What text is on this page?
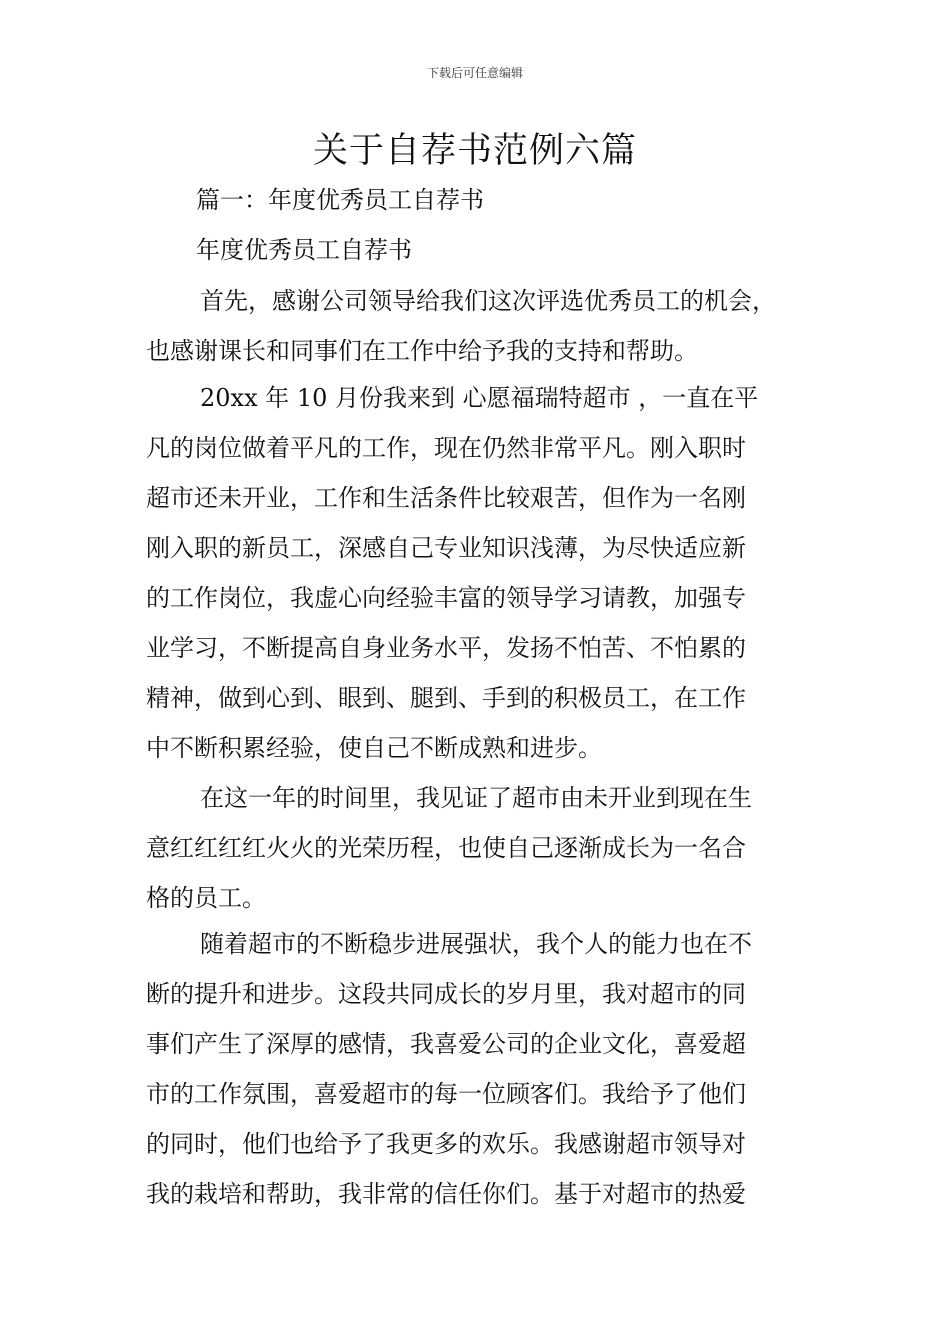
下载后可任意编辑
关于自荐书范例六篇
篇一：年度优秀员工自荐书
年度优秀员工自荐书
首先，感谢公司领导给我们这次评选优秀员工的机会，
也感谢课长和同事们在工作中给予我的支持和帮助。
20xx 年 10 月份我来到 心愿福瑞特超市 ，一直在平
凡的岗位做着平凡的工作，现在仍然非常平凡。刚入职时
超市还未开业，工作和生活条件比较艰苦，但作为一名刚
刚入职的新员工，深感自己专业知识浅薄，为尽快适应新
的工作岗位，我虚心向经验丰富的领导学习请教，加强专
业学习，不断提高自身业务水平，发扬不怕苦、不怕累的
精神，做到心到、眼到、腿到、手到的积极员工，在工作
中不断积累经验，使自己不断成熟和进步。
在这一年的时间里，我见证了超市由未开业到现在生
意红红红红火火的光荣历程，也使自己逐渐成长为一名合
格的员工。
随着超市的不断稳步进展强状，我个人的能力也在不
断的提升和进步。这段共同成长的岁月里，我对超市的同
事们产生了深厚的感情，我喜爱公司的企业文化，喜爱超
市的工作氛围，喜爱超市的每一位顾客们。我给予了他们
的同时，他们也给予了我更多的欢乐。我感谢超市领导对
我的栽培和帮助，我非常的信任你们。基于对超市的热爱
